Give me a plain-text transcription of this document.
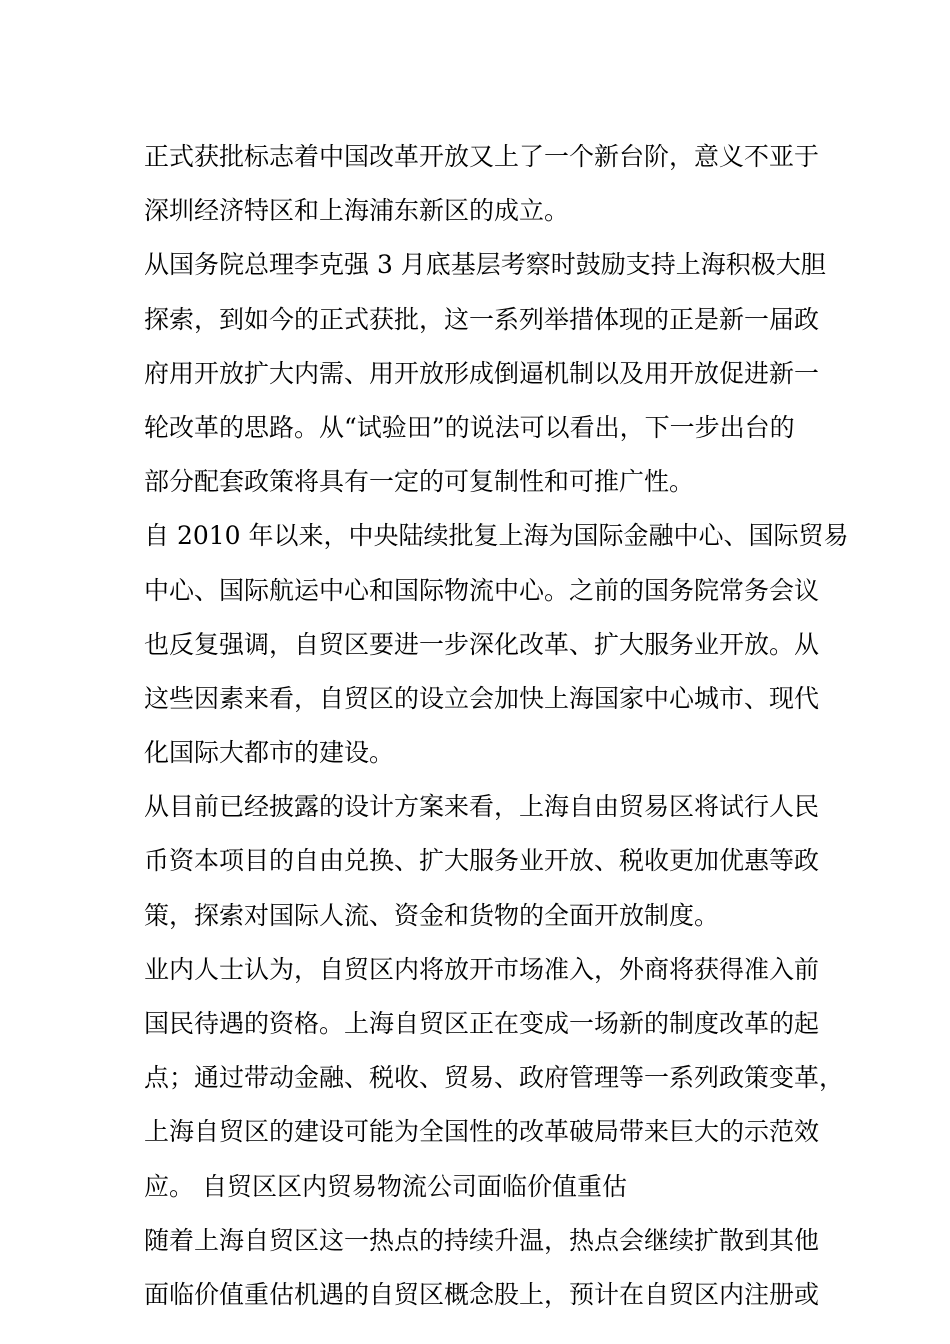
正式获批标志着中国改革开放又上了一个新台阶，意义不亚于
深圳经济特区和上海浦东新区的成立。
从国务院总理李克强 3 月底基层考察时鼓励支持上海积极大胆
探索，到如今的正式获批，这一系列举措体现的正是新一届政
府用开放扩大内需、用开放形成倒逼机制以及用开放促进新一
轮改革的思路。从“试验田”的说法可以看出，下一步出台的
部分配套政策将具有一定的可复制性和可推广性。
自 2010 年以来，中央陆续批复上海为国际金融中心、国际贸易
中心、国际航运中心和国际物流中心。之前的国务院常务会议
也反复强调，自贸区要进一步深化改革、扩大服务业开放。从
这些因素来看，自贸区的设立会加快上海国家中心城市、现代
化国际大都市的建设。
从目前已经披露的设计方案来看，上海自由贸易区将试行人民
币资本项目的自由兑换、扩大服务业开放、税收更加优惠等政
策，探索对国际人流、资金和货物的全面开放制度。
业内人士认为，自贸区内将放开市场准入，外商将获得准入前
国民待遇的资格。上海自贸区正在变成一场新的制度改革的起
点；通过带动金融、税收、贸易、政府管理等一系列政策变革，
上海自贸区的建设可能为全国性的改革破局带来巨大的示范效
应。 自贸区区内贸易物流公司面临价值重估
随着上海自贸区这一热点的持续升温，热点会继续扩散到其他
面临价值重估机遇的自贸区概念股上，预计在自贸区内注册或
